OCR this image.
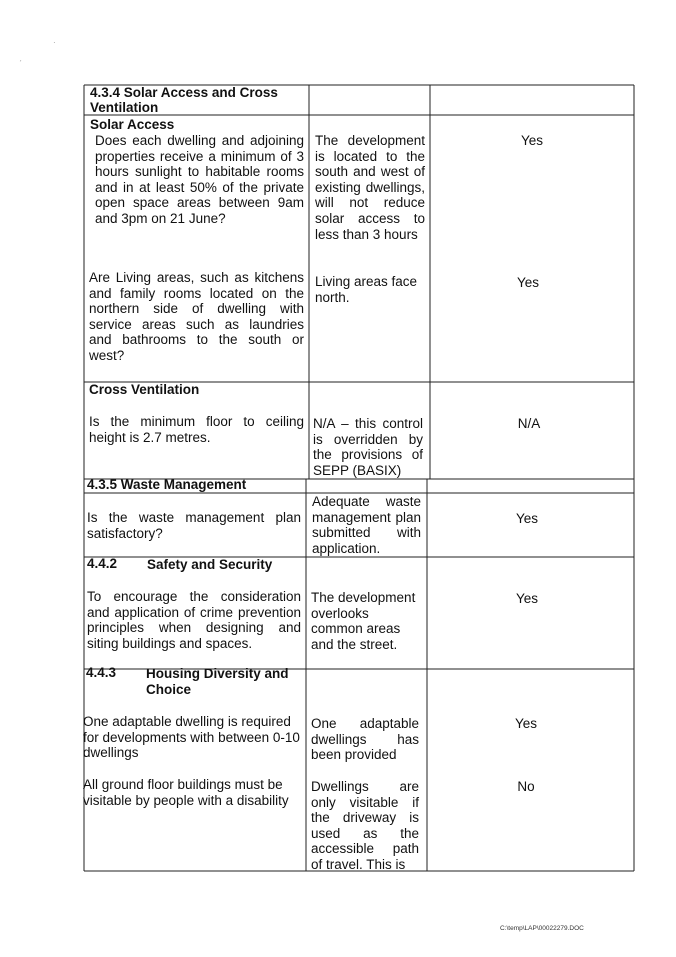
·
ˏ
4.3.4 Solar Access and Cross Ventilation
Solar Access
Does each dwelling and adjoining properties receive a minimum of 3 hours sunlight to habitable rooms and in at least 50% of the private open space areas between 9am and 3pm on 21 June?
The development is located to the south and west of existing dwellings, will not reduce solar access to less than 3 hours
Yes
Are Living areas, such as kitchens and family rooms located on the northern side of dwelling with service areas such as laundries and bathrooms to the south or west?
Living areas face north.
Yes
Cross Ventilation
Is the minimum floor to ceiling height is 2.7 metres.
N/A – this control is overridden by the provisions of SEPP (BASIX)
N/A
4.3.5 Waste Management
Is the waste management plan satisfactory?
Adequate waste management plan submitted with application.
Yes
4.4.2	Safety and Security
To encourage the consideration and application of crime prevention principles when designing and siting buildings and spaces.
The development overlooks common areas and the street.
Yes
4.4.3	Housing Diversity and Choice
One adaptable dwelling is required for developments with between 0-10 dwellings
One adaptable dwellings has been provided
Yes
All ground floor buildings must be visitable by people with a disability
Dwellings are only visitable if the driveway is used as the accessible path of travel. This is
No
C:\temp\LAP\00022279.DOC
